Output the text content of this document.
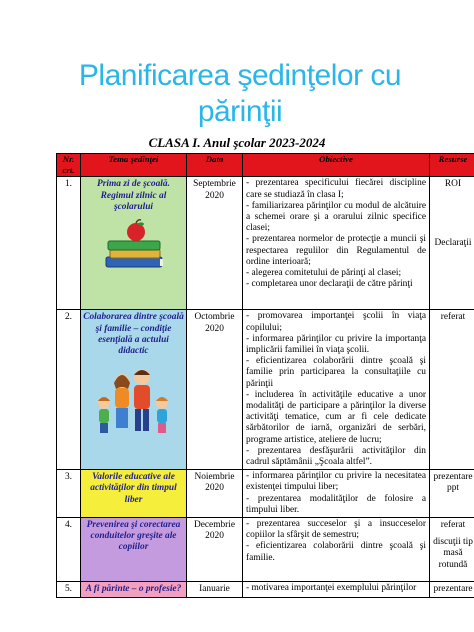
Planificarea şedinţelor cu părinţii
CLASA I. Anul şcolar 2023-2024
Nr. crt.	Tema şedinţei	Data	Obiective	Resurse
1.	Prima zi de şcoală. Regimul zilnic al şcolarului	Septembrie 2020	- prezentarea specificului fiecărei discipline care se studiază în clasa I;
- familiarizarea părinţilor cu modul de alcătuire a schemei orare şi a orarului zilnic specifice clasei;
- prezentarea normelor de protecţie a muncii şi respectarea regulilor din Regulamentul de ordine interioară;
- alegerea comitetului de părinţi al clasei;
- completarea unor declaraţii de către părinţi	ROI
Declaraţii

2.	Colaborarea dintre şcoală şi familie – condiţie esenţială a actului didactic	Octombrie 2020	- promovarea importanţei şcolii în viaţa copilului;
- informarea părinţilor cu privire la importanţa implicării familiei în viaţa şcolii.
- eficientizarea colaborării dintre şcoală şi familie prin participarea la consultaţiile cu părinţii
- includerea în activităţile educative a unor modalităţi de participare a părinţilor la diverse activităţi tematice, cum ar fi cele dedicate sărbătorilor de iarnă, organizări de serbări, programe artistice, ateliere de lucru;
- prezentarea desfăşurării activităţilor din cadrul săptămânii „Şcoala altfel”.	referat

3.	Valorile educative ale activităţilor din timpul liber	Noiembrie 2020	- informarea părinţilor cu privire la necesitatea existenţei timpului liber;
- prezentarea modalităţilor de folosire a timpului liber.	prezentare ppt
4.	Prevenirea şi corectarea conduitelor greşite ale copiilor	Decembrie 2020	- prezentarea succeselor şi a insucceselor copiilor la sfârşit de semestru;
- eficientizarea colaborării dintre şcoală şi familie.	referat
discuţii tip masă rotundă

5.	A fi părinte – o profesie?	Ianuarie	- motivarea importanţei exemplului părinţilor	prezentare
